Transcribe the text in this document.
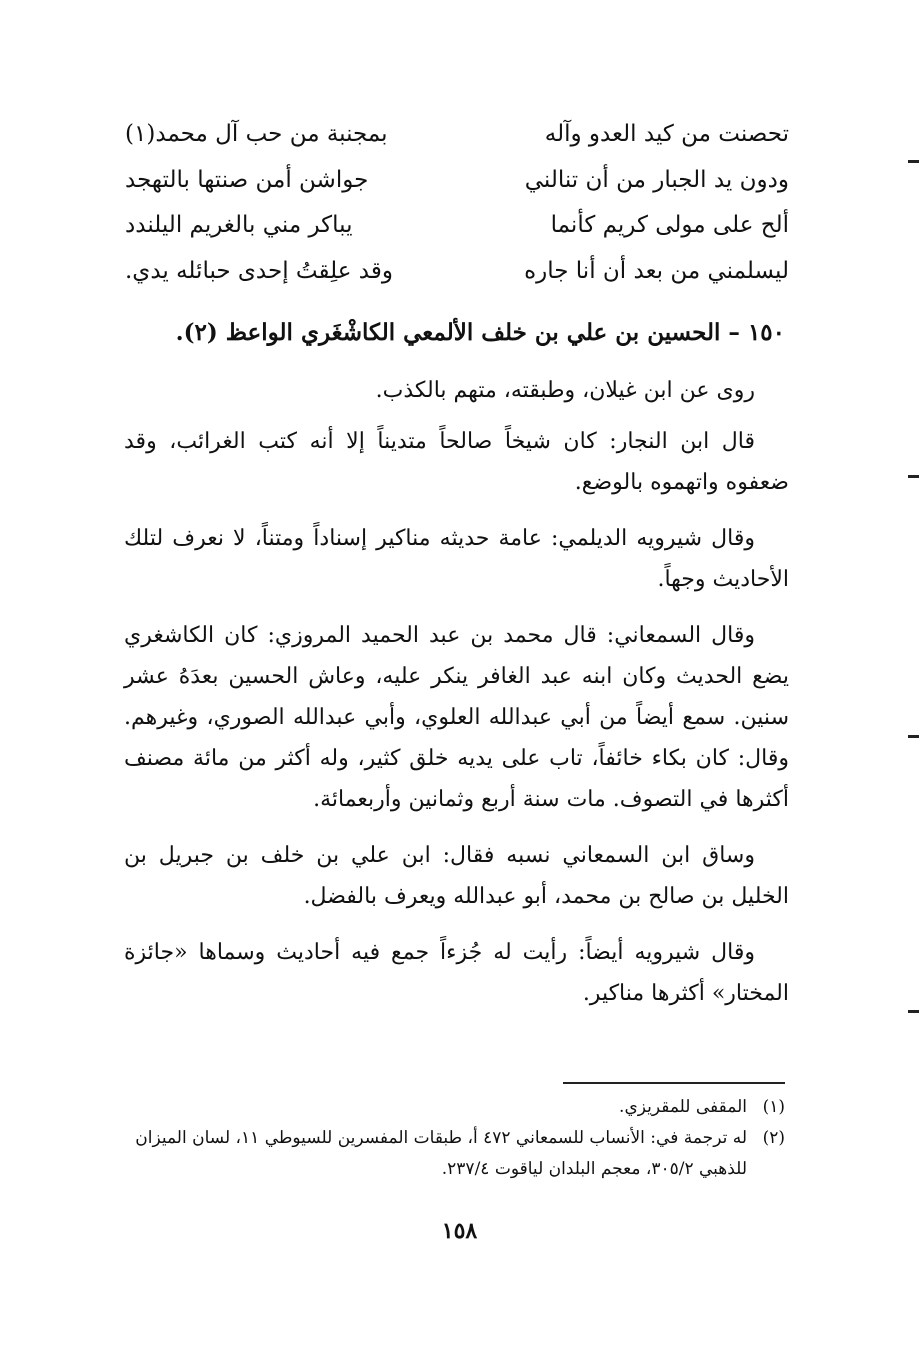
تحصنت من كيد العدو وآله
بمجنبة من حب آل محمد(١)
ودون يد الجبار من أن تنالني
جواشن أمن صنتها بالتهجد
ألح على مولى كريم كأنما
يباكر مني بالغريم اليلندد
ليسلمني من بعد أن أنا جاره
وقد علِقتُ إحدى حبائله يدي.
١٥٠ – الحسين بن علي بن خلف الألمعي الكاشْغَري الواعظ (٢).

روى عن ابن غيلان، وطبقته، متهم بالكذب.

قال ابن النجار: كان شيخاً صالحاً متديناً إلا أنه كتب الغرائب، وقد ضعفوه واتهموه بالوضع.

وقال شيرويه الديلمي: عامة حديثه مناكير إسناداً ومتناً، لا نعرف لتلك الأحاديث وجهاً.

وقال السمعاني: قال محمد بن عبد الحميد المروزي: كان الكاشغري يضع الحديث وكان ابنه عبد الغافر ينكر عليه، وعاش الحسين بعدَهُ عشر سنين. سمع أيضاً من أبي عبدالله العلوي، وأبي عبدالله الصوري، وغيرهم. وقال: كان بكاء خائفاً، تاب على يديه خلق كثير، وله أكثر من مائة مصنف أكثرها في التصوف. مات سنة أربع وثمانين وأربعمائة.

وساق ابن السمعاني نسبه فقال: ابن علي بن خلف بن جبريل بن الخليل بن صالح بن محمد، أبو عبدالله ويعرف بالفضل.

وقال شيرويه أيضاً: رأيت له جُزءاً جمع فيه أحاديث وسماها «جائزة المختار» أكثرها مناكير.

(١)
المقفى للمقريزي.
(٢)
له ترجمة في: الأنساب للسمعاني ٤٧٢ أ، طبقات المفسرين للسيوطي ١١، لسان الميزان للذهبي ٣٠٥/٢، معجم البلدان لياقوت ٢٣٧/٤.
١٥٨
